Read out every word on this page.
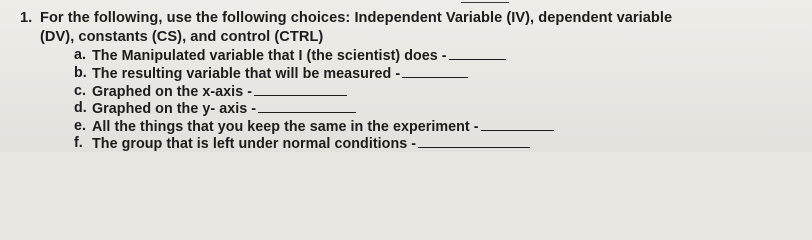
1. For the following, use the following choices: Independent Variable (IV), dependent variable
(DV), constants (CS), and control (CTRL)
a. The Manipulated variable that I (the scientist) does -
b. The resulting variable that will be measured -
c. Graphed on the x-axis -
d. Graphed on the y- axis -
e. All the things that you keep the same in the experiment -
f. The group that is left under normal conditions -
